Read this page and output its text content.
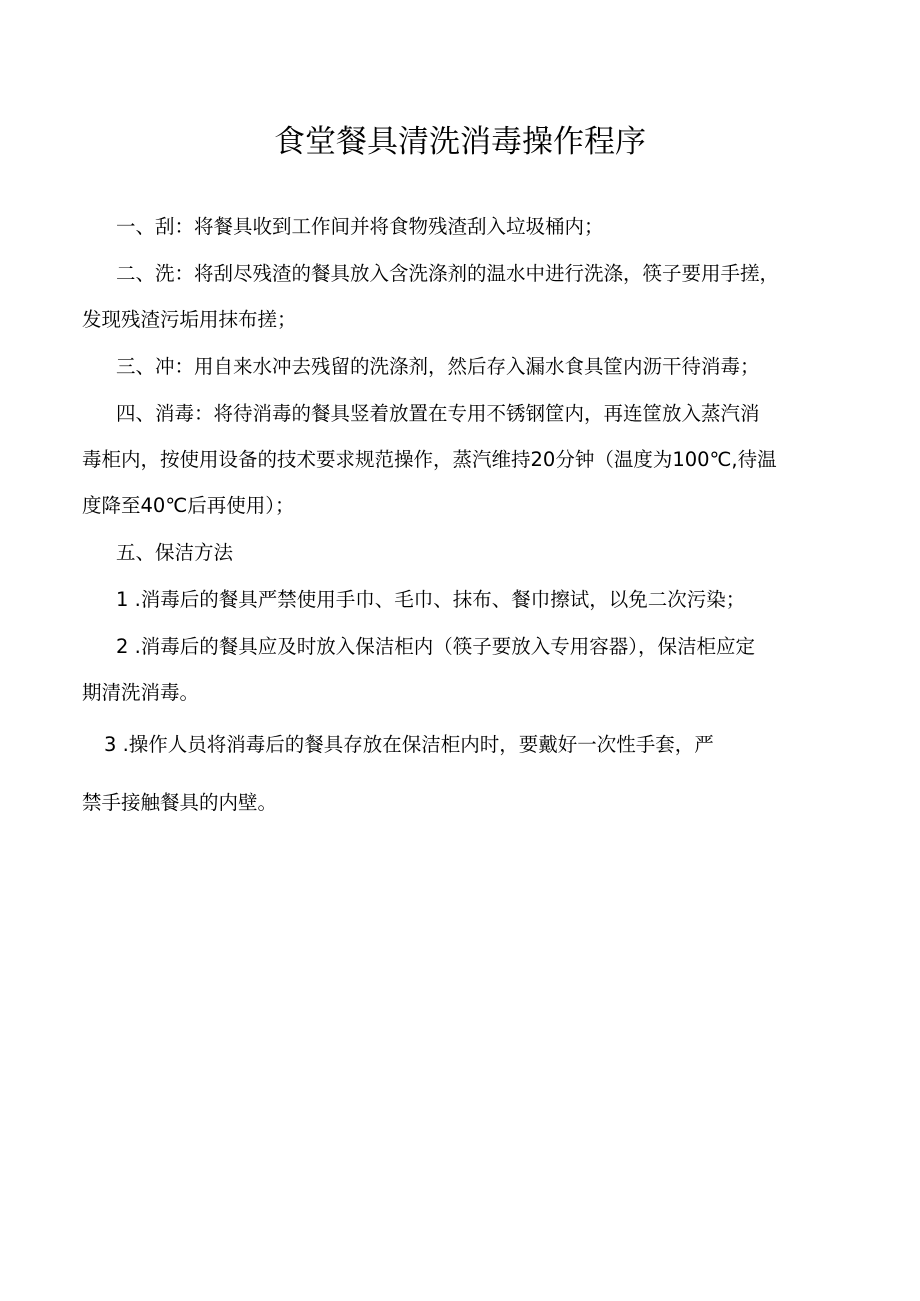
食堂餐具清洗消毒操作程序
一、刮：将餐具收到工作间并将食物残渣刮入垃圾桶内；
二、洗：将刮尽残渣的餐具放入含洗涤剂的温水中进行洗涤，筷子要用手搓，
发现残渣污垢用抹布搓；
三、冲：用自来水冲去残留的洗涤剂，然后存入漏水食具筐内沥干待消毒；
四、消毒：将待消毒的餐具竖着放置在专用不锈钢筐内，再连筐放入蒸汽消
毒柜内，按使用设备的技术要求规范操作，蒸汽维持20分钟（温度为100℃,待温
度降至40℃后再使用）；
五、保洁方法
1 .消毒后的餐具严禁使用手巾、毛巾、抹布、餐巾擦试，以免二次污染；
2 .消毒后的餐具应及时放入保洁柜内（筷子要放入专用容器），保洁柜应定
期清洗消毒。
3 .操作人员将消毒后的餐具存放在保洁柜内时，要戴好一次性手套，严
禁手接触餐具的内壁。
